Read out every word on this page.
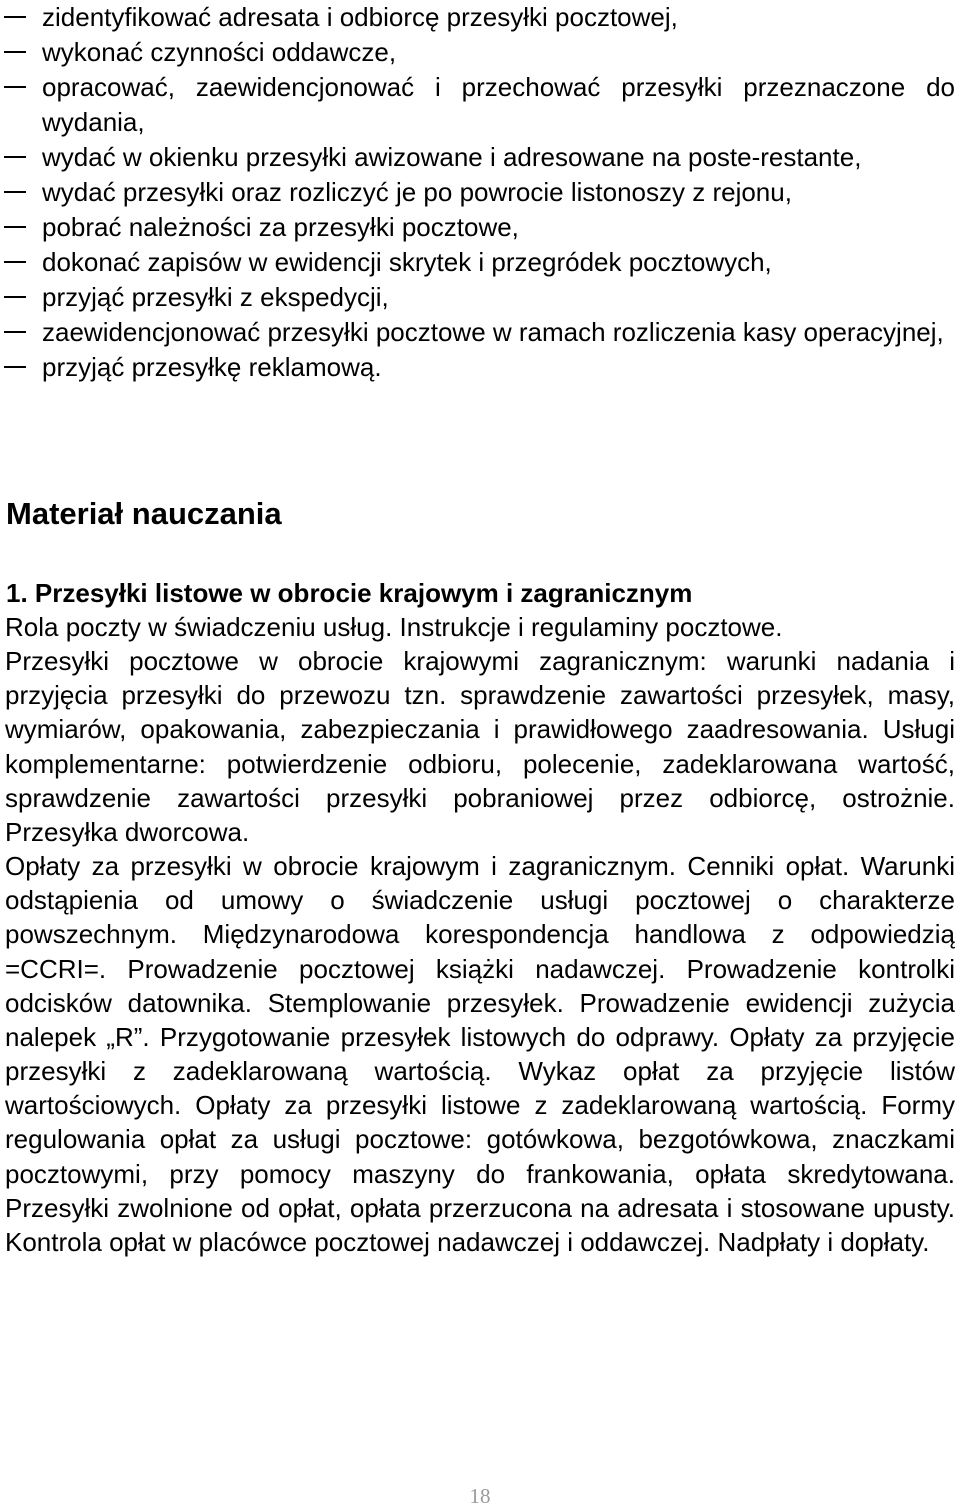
zidentyfikować adresata i odbiorcę przesyłki pocztowej,
wykonać czynności oddawcze,
opracować, zaewidencjonować i przechować przesyłki przeznaczone do wydania,
wydać w okienku przesyłki awizowane i adresowane na poste-restante,
wydać przesyłki oraz rozliczyć je po powrocie listonoszy z rejonu,
pobrać należności za przesyłki pocztowe,
dokonać zapisów w ewidencji skrytek i przegródek pocztowych,
przyjąć przesyłki z ekspedycji,
zaewidencjonować przesyłki pocztowe w ramach rozliczenia kasy operacyjnej,
przyjąć przesyłkę reklamową.
Materiał nauczania
1. Przesyłki listowe w obrocie krajowym i zagranicznym

Rola poczty w świadczeniu usług. Instrukcje i regulaminy pocztowe.

Przesyłki pocztowe w obrocie krajowymi zagranicznym: warunki nadania i przyjęcia przesyłki do przewozu tzn. sprawdzenie zawartości przesyłek, masy, wymiarów, opakowania, zabezpieczania i prawidłowego zaadresowania. Usługi komplementarne: potwierdzenie odbioru, polecenie, zadeklarowana wartość, sprawdzenie zawartości przesyłki pobraniowej przez odbiorcę, ostrożnie. Przesyłka dworcowa.

Opłaty za przesyłki w obrocie krajowym i zagranicznym. Cenniki opłat. Warunki odstąpienia od umowy o świadczenie usługi pocztowej o charakterze powszechnym. Międzynarodowa korespondencja handlowa z odpowiedzią =CCRI=. Prowadzenie pocztowej książki nadawczej. Prowadzenie kontrolki odcisków datownika. Stemplowanie przesyłek. Prowadzenie ewidencji zużycia nalepek „R”. Przygotowanie przesyłek listowych do odprawy. Opłaty za przyjęcie przesyłki z zadeklarowaną wartością. Wykaz opłat za przyjęcie listów wartościowych. Opłaty za przesyłki listowe z zadeklarowaną wartością. Formy regulowania opłat za usługi pocztowe: gotówkowa, bezgotówkowa, znaczkami pocztowymi, przy pomocy maszyny do frankowania, opłata skredytowana. Przesyłki zwolnione od opłat, opłata przerzucona na adresata i stosowane upusty. Kontrola opłat w placówce pocztowej nadawczej i oddawczej. Nadpłaty i dopłaty.

18
